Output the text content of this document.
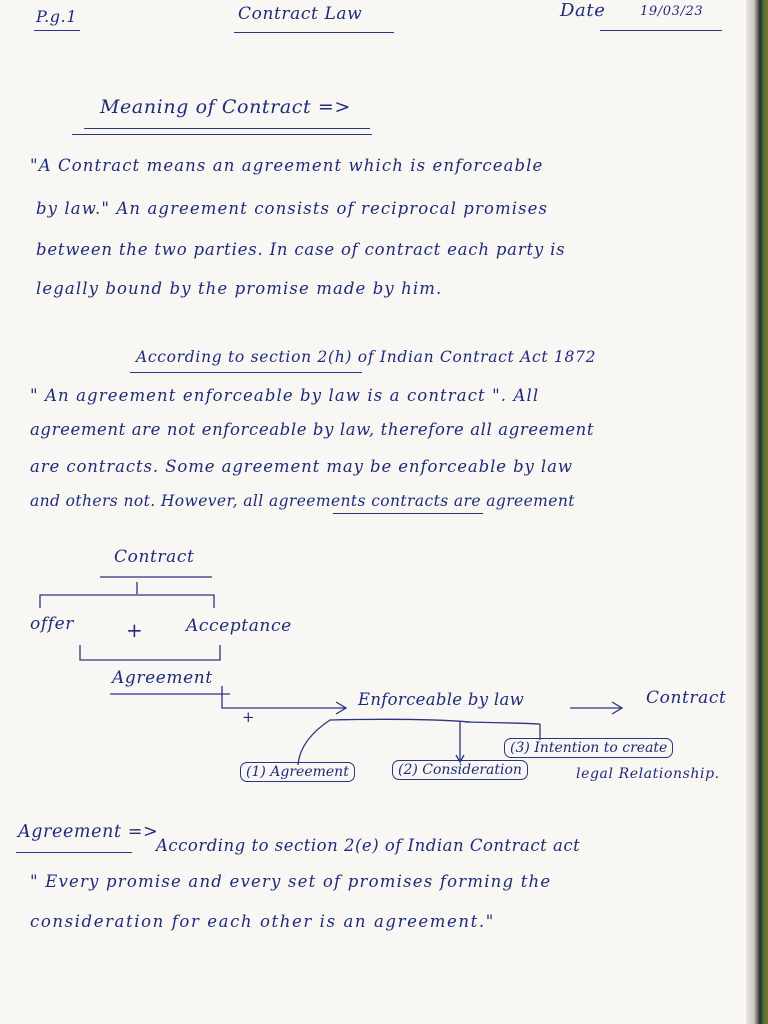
P.g.1	Contract Law	Date	19/03/23
Meaning of Contract =>
"A Contract means an agreement which is enforceable
by law." An agreement consists of reciprocal promises
between the two parties. In case of contract each party is
legally bound by the promise made by him.
According to section 2(h) of Indian Contract Act 1872
" An agreement enforceable by law is a contract ". All
agreement are not enforceable by law, therefore all agreement
are contracts. Some agreement may be enforceable by law
and others not. However, all agreements contracts are agreement
Contract
offer	+	Acceptance
Agreement
+
Enforceable by law	Contract
(1) Agreement	(2) Consideration
(3) Intention to create
legal Relationship.
Agreement =>
According to section 2(e) of Indian Contract act
" Every promise and every set of promises forming the
consideration for each other is an agreement."
